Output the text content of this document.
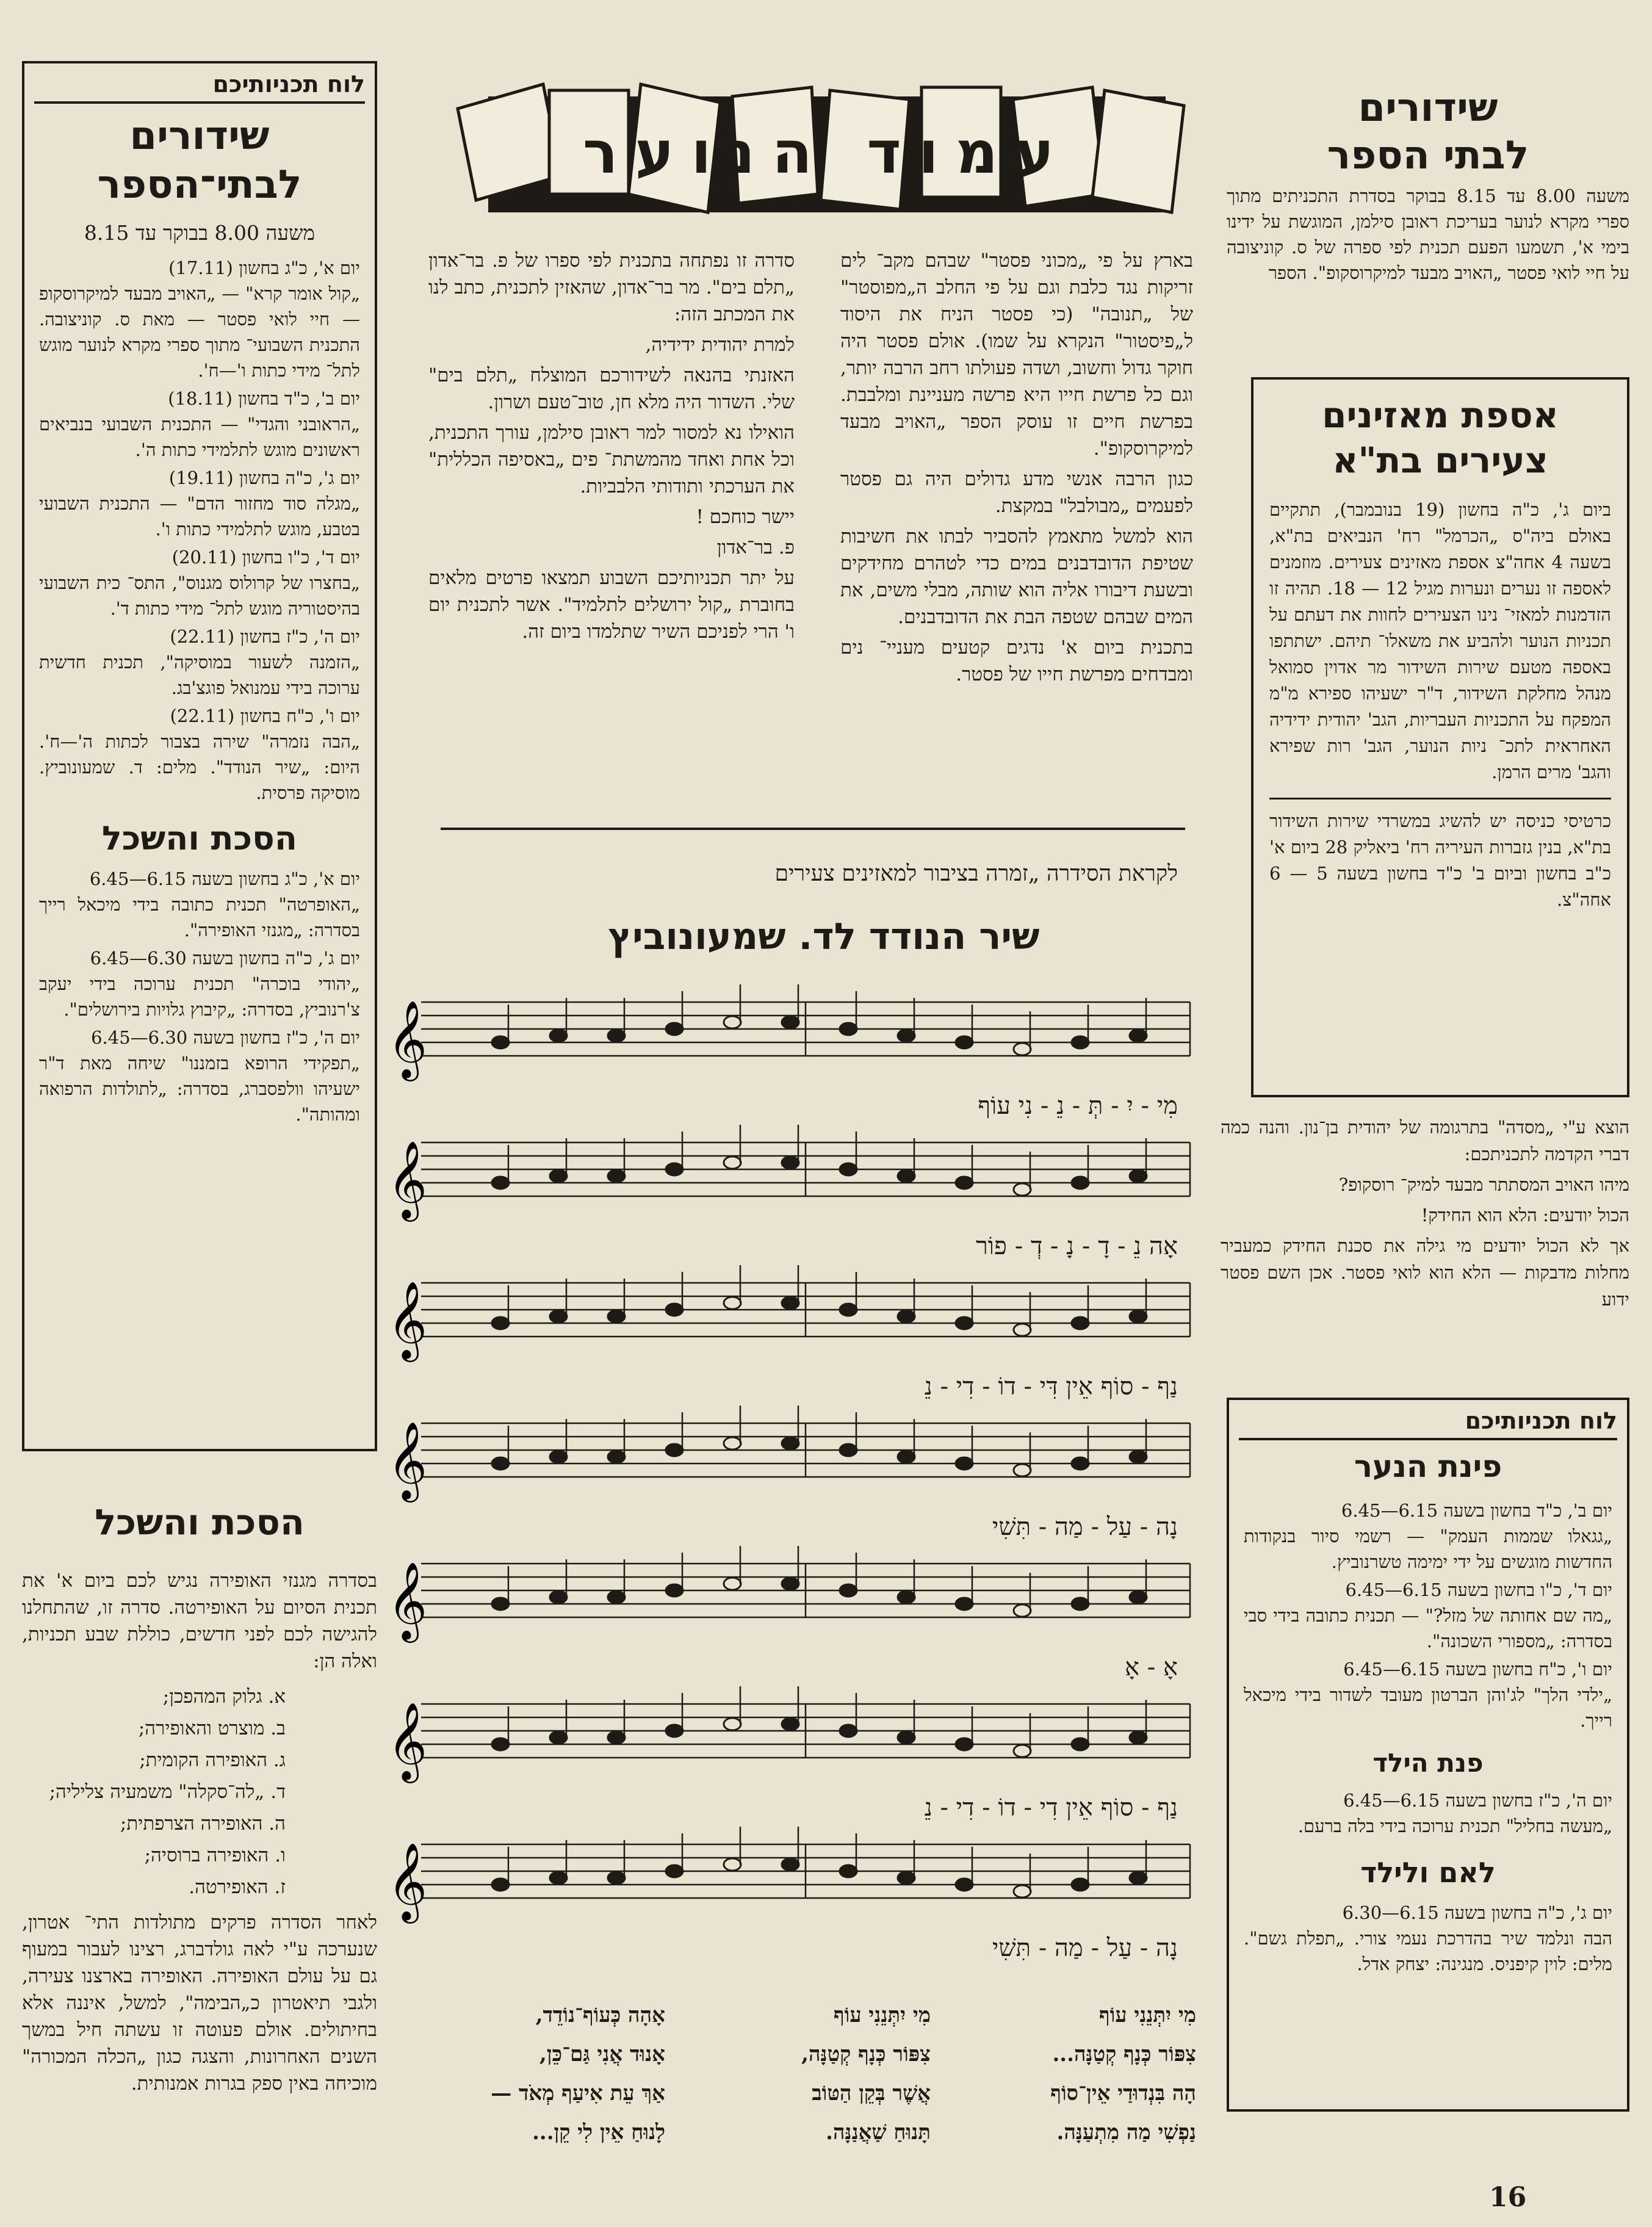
לוח תכניותיכם
שידורים
לבתי־הספר
משעה 8.00 בבוקר עד 8.15

יום א', כ"ג בחשון (17.11)
„קול אומר קרא" — „האויב מבעד למיקרוסקופ — חיי לואי פסטר — מאת ס. קוניצובה. התכנית השבועי־ מתוך ספרי מקרא לנוער מוגש לתל־ מידי כתות ו'—ח'.

יום ב', כ"ד בחשון (18.11)
„הראובני והגדי" — התכנית השבועי בנביאים ראשונים מוגש לתלמידי כתות ה'.

יום ג', כ"ה בחשון (19.11)
„מגלה סוד מחזור הדם" — התכנית השבועי בטבע, מוגש לתלמידי כתות ו'.

יום ד', כ"ו בחשון (20.11)
„בחצרו של קרולוס מגנוס", התס־ כית השבועי בהיסטוריה מוגש לתל־ מידי כתות ד'.

יום ה', כ"ז בחשון (22.11)
„הזמנה לשעור במוסיקה", תכנית חדשית ערוכה בידי עמנואל פוגצ'בג.

יום ו', כ"ח בחשון (22.11)
„הבה נזמרה" שירה בצבור לכתות ה'—ח'. היום: „שיר הנודד". מלים: ד. שמעונוביץ. מוסיקה פרסית.

הסכת והשכל

יום א', כ"ג בחשון בשעה 6.15—6.45
„האופרטה" תכנית כתובה בידי מיכאל רייך בסדרה: „מגנזי האופירה".

יום ג', כ"ה בחשון בשעה 6.30—6.45
„יהודי בוכרה" תכנית ערוכה בידי יעקב צ'רנוביץ, בסדרה: „קיבוץ גלויות בירושלים".

יום ה', כ"ז בחשון בשעה 6.30—6.45
„תפקידי הרופא בזמננו" שיחה מאת ד"ר ישעיהו וולפסברג, בסדרה: „לתולדות הרפואה ומהותה".

הסכת והשכל
בסדרה מגנזי האופירה נגיש לכם ביום א' את תכנית הסיום על האופירטה. סדרה זו, שהתחלנו להגישה לכם לפני חדשים, כוללת שבע תכניות, ואלה הן:
א. גלוק המהפכן;
ב. מוצרט והאופירה;
ג. האופירה הקומית;
ד. „לה־סקלה" משמעיה צליליה;
ה. האופירה הצרפתית;
ו. האופירה ברוסיה;
ז. האופירטה.
לאחר הסדרה פרקים מתולדות התי־ אטרון, שנערכה ע"י לאה גולדברג, רצינו לעבור במעוף גם על עולם האופירה. האופירה בארצנו צעירה, ולגבי תיאטרון כ„הבימה", למשל, איננה אלא בחיתולים. אולם פעוטה זו עשתה חיל במשך השנים האחרונות, והצגה כגון „הכלה המכורה" מוכיחה באין ספק בגרות אמנותית.
עמוד הנוער

בארץ על פי „מכוני פסטר" שבהם מקב־ לים זריקות נגד כלבת וגם על פי החלב ה„מפוסטר" של „תנובה" (כי פסטר הניח את היסוד ל„פיסטור" הנקרא על שמו). אולם פסטר היה חוקר גדול וחשוב, ושדה פעולתו רחב הרבה יותר, וגם כל פרשת חייו היא פרשה מעניינת ומלבבת. בפרשת חיים זו עוסק הספר „האויב מבעד למיקרוסקופ".

כגון הרבה אנשי מדע גדולים היה גם פסטר לפעמים „מבולבל" במקצת.

הוא למשל מתאמץ להסביר לבתו את חשיבות שטיפת הדובדבנים במים כדי לטהרם מחידקים ובשעת דיבורו אליה הוא שותה, מבלי משים, את המים שבהם שטפה הבת את הדובדבנים.

בתכנית ביום א' נדגים קטעים מעניי־ נים ומבדחים מפרשת חייו של פסטר.

סדרה זו נפתחה בתכנית לפי ספרו של פ. בר־אדון „תלם בים". מר בר־אדון, שהאזין לתכנית, כתב לנו את המכתב הזה:

למרת יהודית ידידיה,

האזנתי בהנאה לשידורכם המוצלח „תלם בים" שלי. השדור היה מלא חן, טוב־טעם ושרון.

הואילו נא למסור למר ראובן סילמן, עורך התכנית, וכל אחת ואחד מהמשתת־ פים „באסיפה הכללית" את הערכתי ותודותי הלבביות.

יישר כוחכם !

פ. בר־אדון

על יתר תכניותיכם השבוע תמצאו פרטים מלאים בחוברת „קול ירושלים לתלמיד". אשר לתכנית יום ו' הרי לפניכם השיר שתלמדו ביום זה.

לקראת הסידרה „זמרה בציבור למאזינים צעירים
שיר הנודד לד. שמעונוביץ
𝄞
מִי - יִ - תְּ - נֵ - נִי עוֹף
𝄞
אָה נֵ - דָ - נָ - דְ - פוֹר
𝄞
נַף - סוֹף אֵין דִּי - דוֹ - דִי - נֵ
𝄞
נָה - עַל - מַה - תִּשִׁי
𝄞
אָ - אָ
𝄞
נַף - סוֹף אֵין דִי - דוֹ - דִי - נֵ
𝄞
נָה - עַל - מַה - תִּשִׁי
מִי יִתְּנֵנִי עוֹף
צִפּוֹר כְּנָף קְטַנָּה...
הָה בִּנְדוּדַי אֵין־סוֹף
נַפְשִׁי מַה מִתְעַנָּה.
מִי יִתְּנֵנִי עוֹף
צִפּוֹר כְּנָף קְטַנָּה,
אֲשֶׁר בְּקֵן הַטּוֹב
תָּנוּחַ שַׁאֲנַנָּה.
אָהָה כְּעוֹף־נוֹדֵד,
אָנוּד אֲנִי גַּם־כֵּן,
אַךְ עֵת אִיעַף מְאֹד —
לָנוּחַ אֵין לִי קֵן...
שידורים
לבתי הספר
משעה 8.00 עד 8.15 בבוקר בסדרת התכניתים מתוך ספרי מקרא לנוער בעריכת ראובן סילמן, המוגשת על ידינו בימי א', תשמעו הפעם תכנית לפי ספרה של ס. קוניצובה על חיי לואי פסטר „האויב מבעד למיקרוסקופ". הספר
אספת מאזינים
צעירים בת"א
ביום ג', כ"ה בחשון (19 בנובמבר), תתקיים באולם ביה"ס „הכרמל" רח' הנביאים בת"א, בשעה 4 אחה"צ אספת מאזינים צעירים. מוזמנים לאספה זו נערים ונערות מגיל 12 — 18. תהיה זו הזדמנות למאזי־ נינו הצעירים לחוות את דעתם על תכניות הנוער ולהביע את משאלו־ תיהם. ישתתפו באספה מטעם שירות השידור מר אדוין סמואל מנהל מחלקת השידור, ד"ר ישעיהו ספירא מ"מ המפקח על התכניות העבריות, הגב' יהודית ידידיה האחראית לתכ־ ניות הנוער, הגב' רות שפירא והגב' מרים הרמן.
כרטיסי כניסה יש להשיג במשרדי שירות השידור בת"א, בנין גזברות העיריה רח' ביאליק 28 ביום א' כ"ב בחשון וביום ב' כ"ד בחשון בשעה 5 — 6 אחה"צ.

הוצא ע"י „מסדה" בתרגומה של יהודית בן־נון. והנה כמה דברי הקדמה לתכניתכם:

מיהו האויב המסתתר מבעד למיק־ רוסקופ?

הכול יודעים: הלא הוא החידק!

אך לא הכול יודעים מי גילה את סכנת החידק כמעביר מחלות מדבקות — הלא הוא לואי פסטר. אכן השם פסטר ידוע

לוח תכניותיכם
פינת הנער

יום ב', כ"ד בחשון בשעה 6.15—6.45
„גגאלו שממות העמק" — רשמי סיור בנקודות החדשות מוגשים על ידי ימימה טשרנוביץ.

יום ד', כ"ו בחשון בשעה 6.15—6.45
„מה שם אחותה של מזל?" — תכנית כתובה בידי סבי בסדרה: „מספורי השכונה".

יום ו', כ"ח בחשון בשעה 6.15—6.45
„ילדי הלך" לג'והן הברטון מעובד לשדור בידי מיכאל רייך.

פנת הילד

יום ה', כ"ז בחשון בשעה 6.15—6.45
„מעשה בחליל" תכנית ערוכה בידי בלה ברעם.

לאם ולילד

יום ג', כ"ה בחשון בשעה 6.15—6.30
הבה ונלמד שיר בהדרכת נעמי צורי. „תפלת גשם". מלים: לוין קיפניס. מנגינה: יצחק אדל.

16
